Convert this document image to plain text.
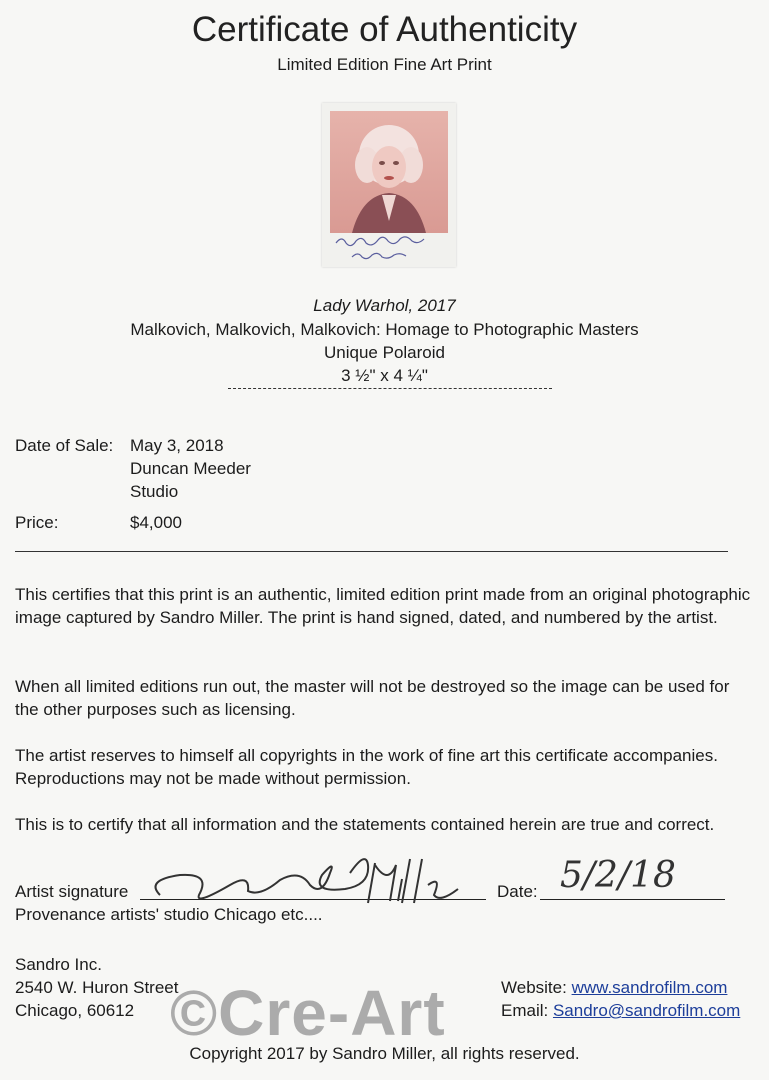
Certificate of Authenticity
Limited Edition Fine Art Print
Lady Warhol, 2017
Malkovich, Malkovich, Malkovich: Homage to Photographic Masters
Unique Polaroid
3 ½" x 4 ¼"
Date of Sale: May 3, 2018
Duncan Meeder
Studio
Price:	$4,000
This certifies that this print is an authentic, limited edition print made from an original photographic image captured by Sandro Miller. The print is hand signed, dated, and numbered by the artist.
When all limited editions run out, the master will not be destroyed so the image can be used for the other purposes such as licensing.
The artist reserves to himself all copyrights in the work of fine art this certificate accompanies. Reproductions may not be made without permission.
This is to certify that all information and the statements contained herein are true and correct.
Artist signature	Date: 5/2/18
Provenance artists' studio Chicago etc....
Sandro Inc.
2540 W. Huron Street
Chicago, 60612
Website: www.sandrofilm.com
Email: Sandro@sandrofilm.com
©Cre-Art
Copyright 2017 by Sandro Miller, all rights reserved.
